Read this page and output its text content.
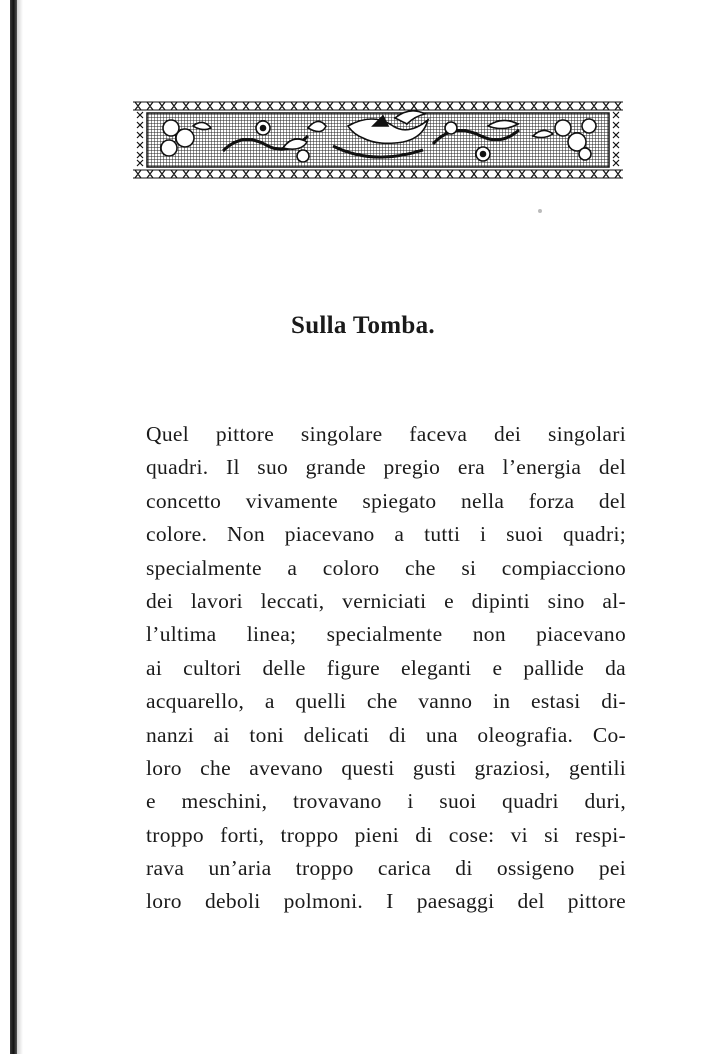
Sulla Tomba.
Quel pittore singolare faceva dei singolari
quadri. Il suo grande pregio era l’energia del
concetto vivamente spiegato nella forza del
colore. Non piacevano a tutti i suoi quadri;
specialmente a coloro che si compiacciono
dei lavori leccati, verniciati e dipinti sino al-
l’ultima linea; specialmente non piacevano
ai cultori delle figure eleganti e pallide da
acquarello, a quelli che vanno in estasi di-
nanzi ai toni delicati di una oleografia. Co-
loro che avevano questi gusti graziosi, gentili
e meschini, trovavano i suoi quadri duri,
troppo forti, troppo pieni di cose: vi si respi-
rava un’aria troppo carica di ossigeno pei
loro deboli polmoni. I paesaggi del pittore
